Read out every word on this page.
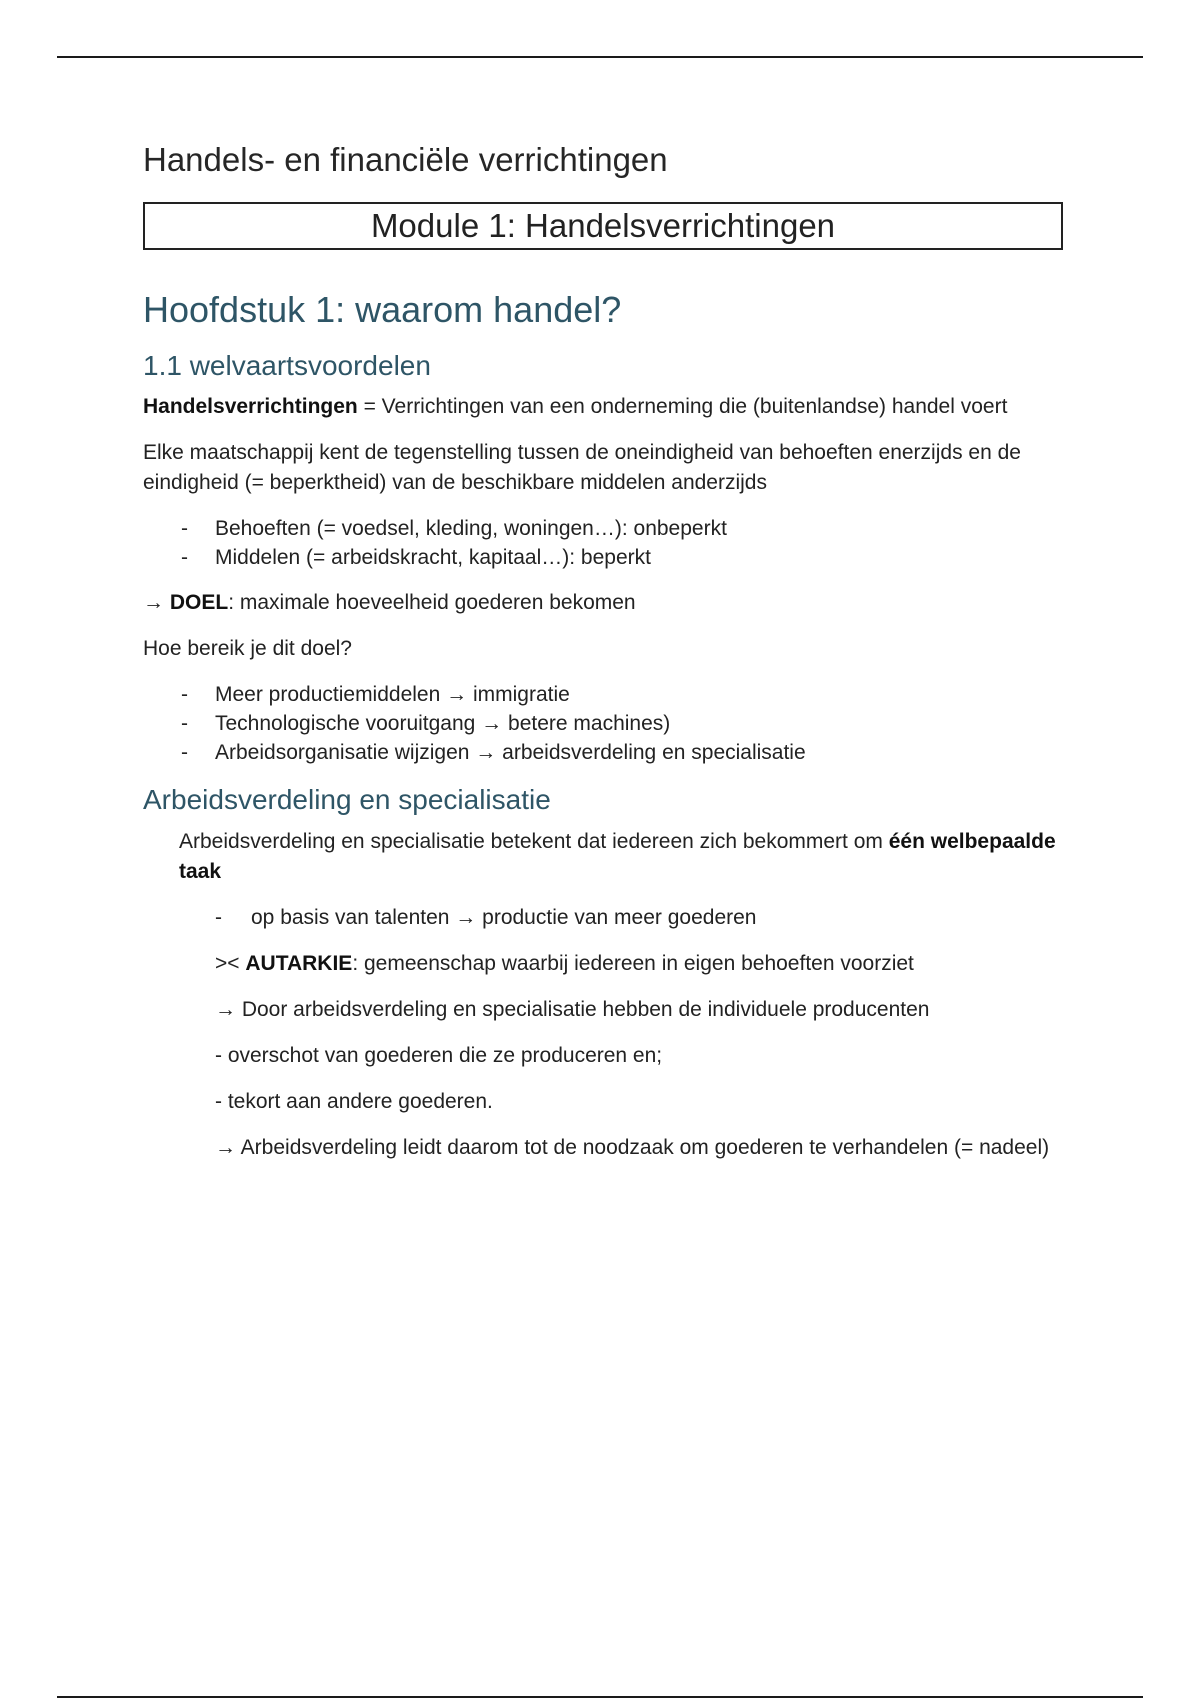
Handels- en financiële verrichtingen
Module 1: Handelsverrichtingen
Hoofdstuk 1: waarom handel?
1.1 welvaartsvoordelen

Handelsverrichtingen = Verrichtingen van een onderneming die (buitenlandse) handel voert

Elke maatschappij kent de tegenstelling tussen de oneindigheid van behoeften enerzijds en de eindigheid (= beperktheid) van de beschikbare middelen anderzijds

- Behoeften (= voedsel, kleding, woningen…): onbeperkt
- Middelen (= arbeidskracht, kapitaal…): beperkt

→ DOEL: maximale hoeveelheid goederen bekomen

Hoe bereik je dit doel?

- Meer productiemiddelen → immigratie
- Technologische vooruitgang → betere machines)
- Arbeidsorganisatie wijzigen → arbeidsverdeling en specialisatie
Arbeidsverdeling en specialisatie

Arbeidsverdeling en specialisatie betekent dat iedereen zich bekommert om één welbepaalde taak

- op basis van talenten → productie van meer goederen

>< AUTARKIE: gemeenschap waarbij iedereen in eigen behoeften voorziet

→ Door arbeidsverdeling en specialisatie hebben de individuele producenten

- overschot van goederen die ze produceren en;

- tekort aan andere goederen.

→ Arbeidsverdeling leidt daarom tot de noodzaak om goederen te verhandelen (= nadeel)
